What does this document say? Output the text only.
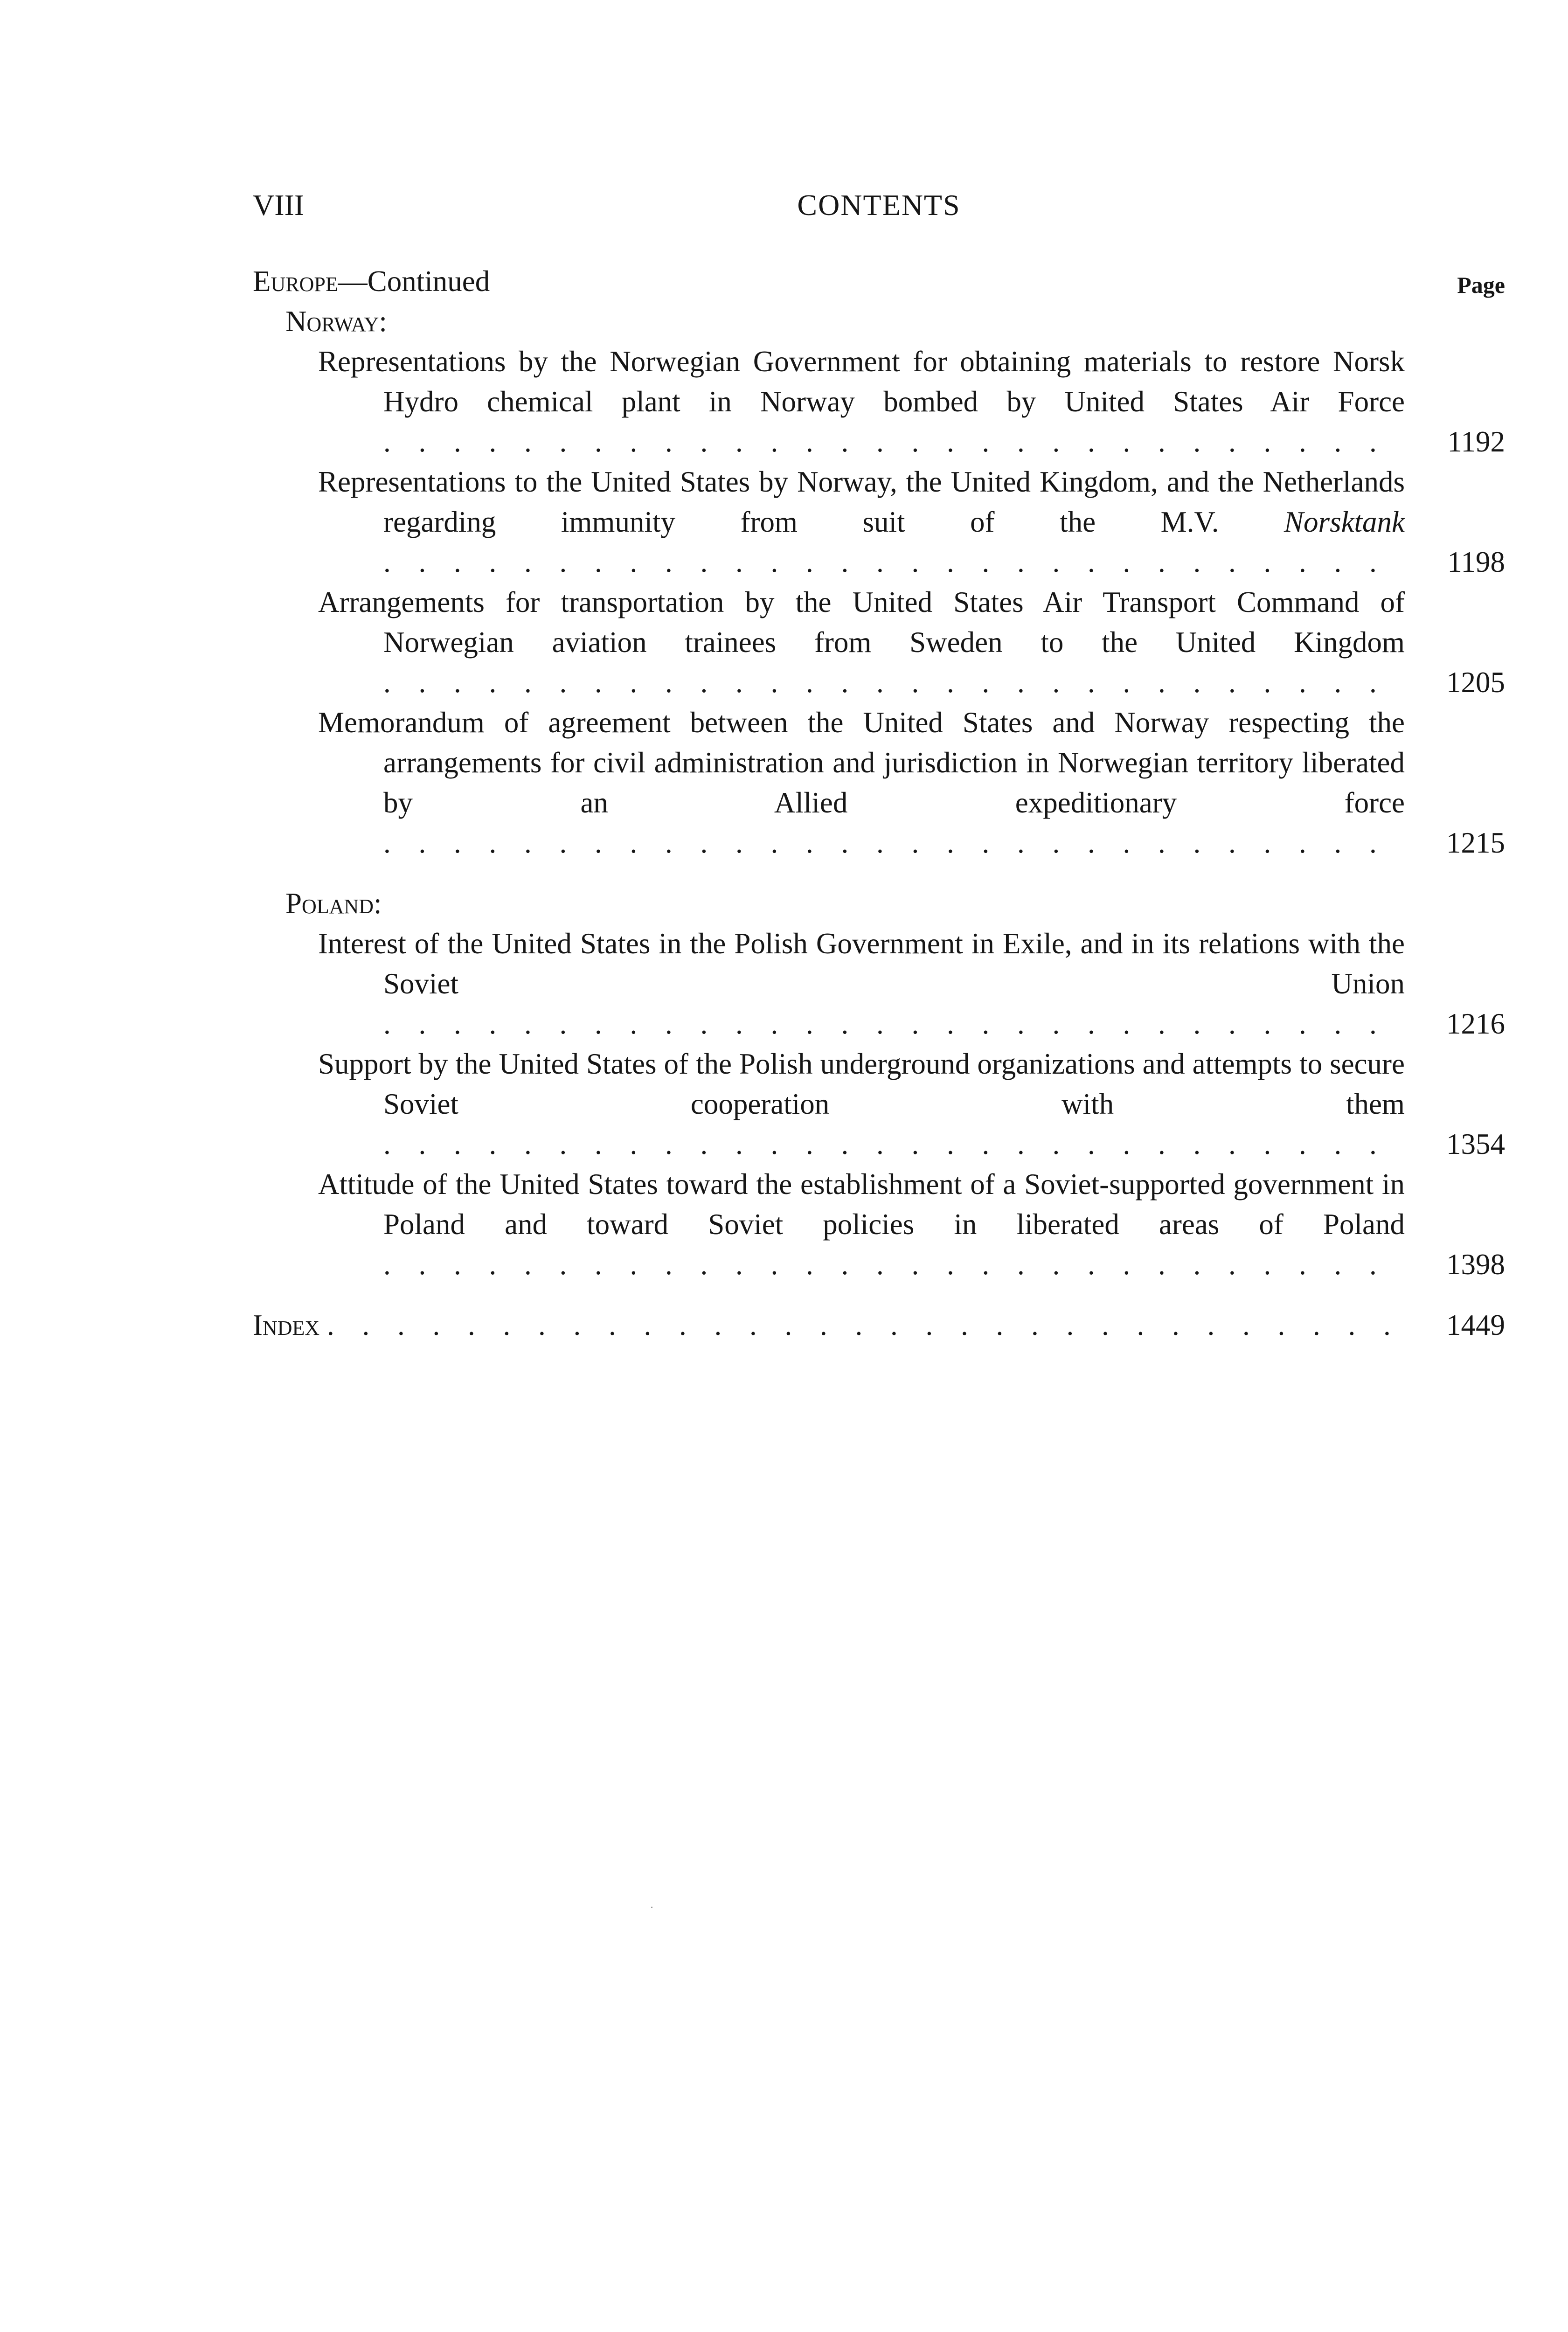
VIII	CONTENTS
Europe—Continued	Page
Norway:
Representations by the Norwegian Government for obtaining materials to restore Norsk Hydro chemical plant in Norway bombed by United States Air Force . . . . . . . . . . . . . . . . . . . . . . . . . . . . . 1192
Representations to the United States by Norway, the United Kingdom, and the Netherlands regarding immunity from suit of the M.V. Norsktank . . . . . . . . . . . . . . . . . . . . . . . . . . . . . 1198
Arrangements for transportation by the United States Air Transport Command of Norwegian aviation trainees from Sweden to the United Kingdom . . . . . . . . . . . . . . . . . . . . . . . . . . . . . 1205
Memorandum of agreement between the United States and Norway respecting the arrangements for civil administration and jurisdiction in Norwegian territory liberated by an Allied expeditionary force . . . . . . . . . . . . . . . . . . . . . . . . . . . . . 1215
Poland:
Interest of the United States in the Polish Government in Exile, and in its relations with the Soviet Union . . . . . . . . . . . . . . . . . . . . . . . . . . . . . 1216
Support by the United States of the Polish underground organizations and attempts to secure Soviet cooperation with them . . . . . . . . . . . . . . . . . . . . . . . . . . . . . 1354
Attitude of the United States toward the establishment of a Soviet-supported government in Poland and toward Soviet policies in liberated areas of Poland . . . . . . . . . . . . . . . . . . . . . . . . . . . . . 1398
Index . . . . . . . . . . . . . . . . . . . . . . . . . . . . . . . 1449
